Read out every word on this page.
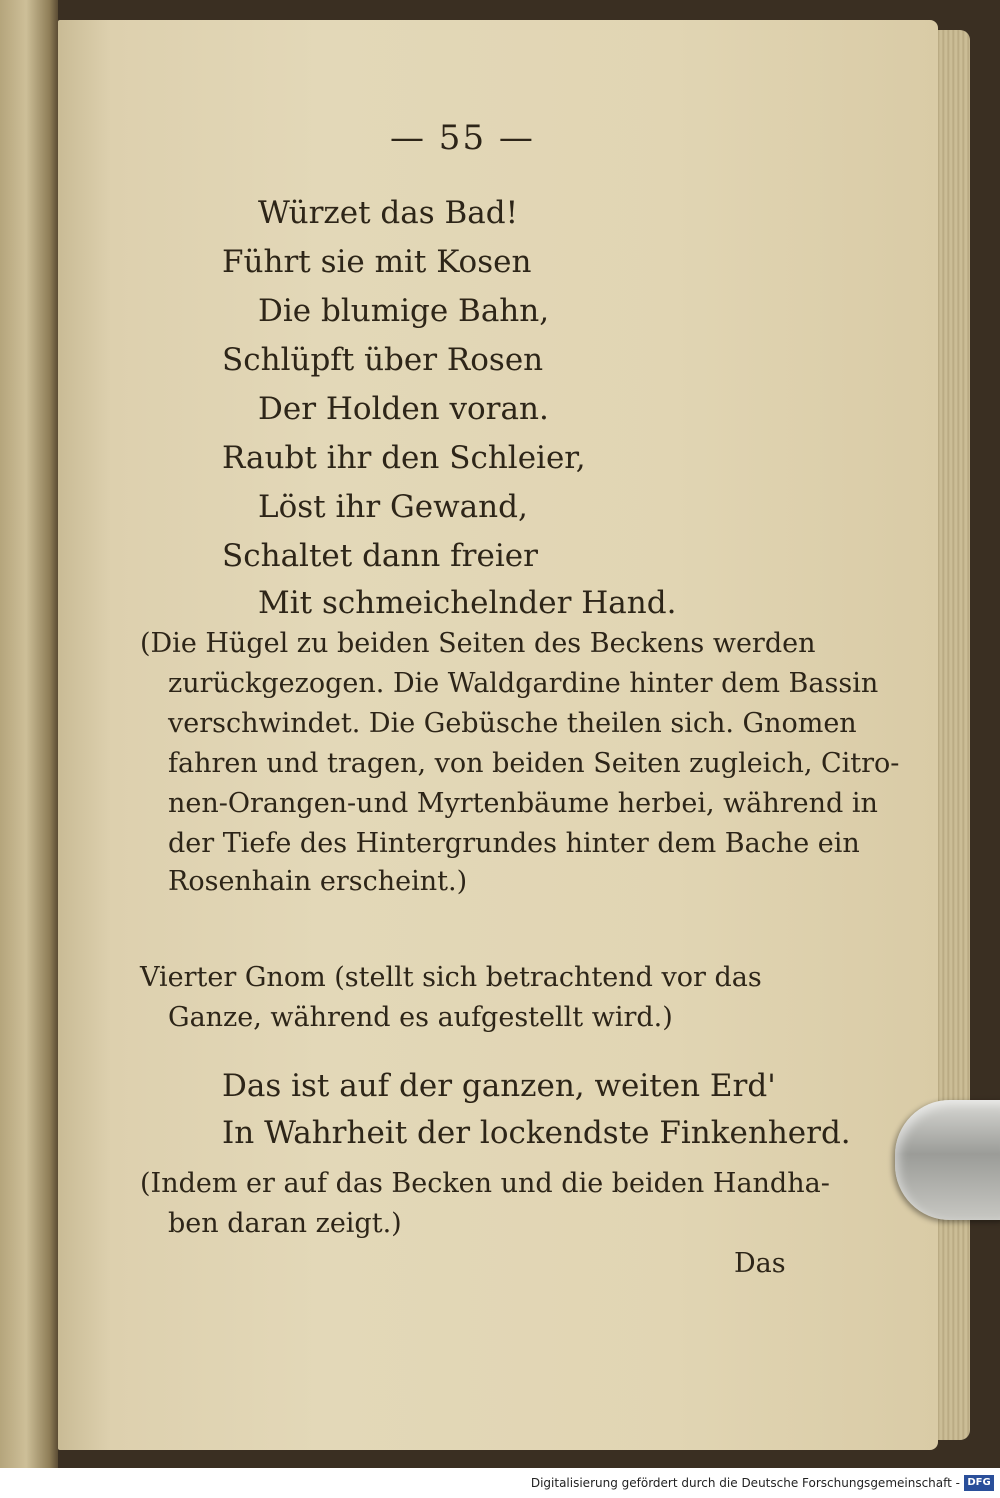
— 55 —
Würzet das Bad!
Führt sie mit Kosen
Die blumige Bahn,
Schlüpft über Rosen
Der Holden voran.
Raubt ihr den Schleier,
Löst ihr Gewand,
Schaltet dann freier
Mit schmeichelnder Hand.
(Die Hügel zu beiden Seiten des Beckens werden
zurückgezogen. Die Waldgardine hinter dem Bassin
verschwindet. Die Gebüsche theilen sich. Gnomen
fahren und tragen, von beiden Seiten zugleich, Citro-
nen-Orangen-und Myrtenbäume herbei, während in
der Tiefe des Hintergrundes hinter dem Bache ein
Rosenhain erscheint.)
Vierter Gnom (stellt sich betrachtend vor das
Ganze, während es aufgestellt wird.)
Das ist auf der ganzen, weiten Erd'
In Wahrheit der lockendste Finkenherd.
(Indem er auf das Becken und die beiden Handha-
ben daran zeigt.)
Das
Digitalisierung gefördert durch die Deutsche Forschungsgemeinschaft - DFG
